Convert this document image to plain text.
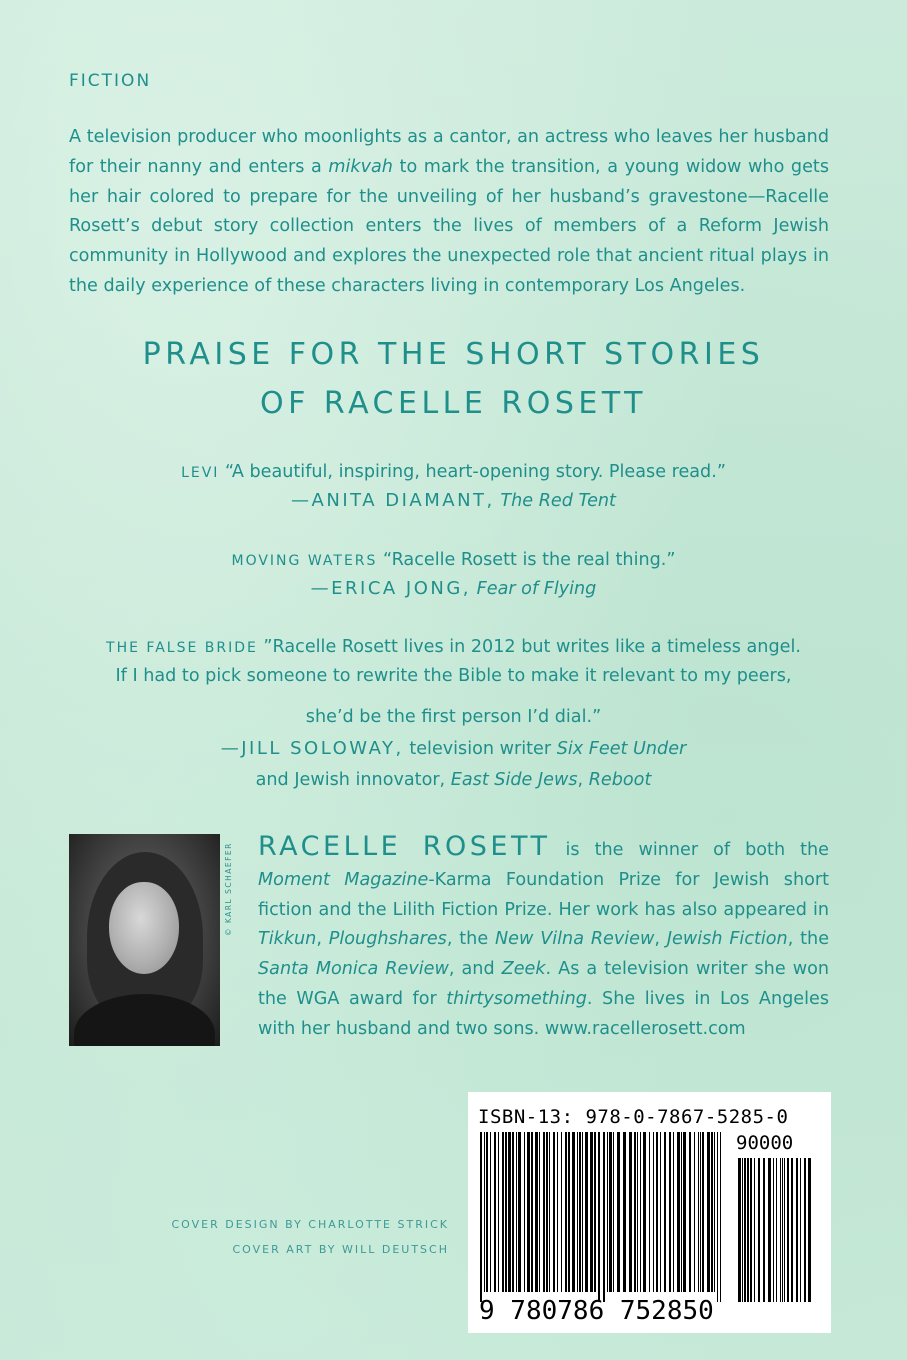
FICTION
A television producer who moonlights as a cantor, an actress who leaves her husband for their nanny and enters a mikvah to mark the transition, a young widow who gets her hair colored to prepare for the unveiling of her husband’s gravestone—Racelle Rosett’s debut story collection enters the lives of members of a Reform Jewish community in Hollywood and explores the unexpected role that ancient ritual plays in the daily experience of these characters living in contemporary Los Angeles.
PRAISE FOR THE SHORT STORIES
OF RACELLE ROSETT
LEVI “A beautiful, inspiring, heart-opening story. Please read.”
—ANITA DIAMANT, The Red Tent
MOVING WATERS “Racelle Rosett is the real thing.”
—ERICA JONG, Fear of Flying
THE FALSE BRIDE ”Racelle Rosett lives in 2012 but writes like a timeless angel.
If I had to pick someone to rewrite the Bible to make it relevant to my peers,
she’d be the first person I’d dial.”
—JILL SOLOWAY, television writer Six Feet Under
and Jewish innovator, East Side Jews, Reboot
© KARL SCHAEFER RACELLE ROSETT is the winner of both the Moment Magazine-Karma Foundation Prize for Jewish short fiction and the Lilith Fiction Prize. Her work has also appeared in Tikkun, Ploughshares, the New Vilna Review, Jewish Fiction, the Santa Monica Review, and Zeek. As a television writer she won the WGA award for thirtysomething. She lives in Los Angeles with her husband and two sons. www.racellerosett.com
COVER DESIGN BY CHARLOTTE STRICK
COVER ART BY WILL DEUTSCH
ISBN-13: 978-0-7867-5285-0
90000
9 780786 752850
